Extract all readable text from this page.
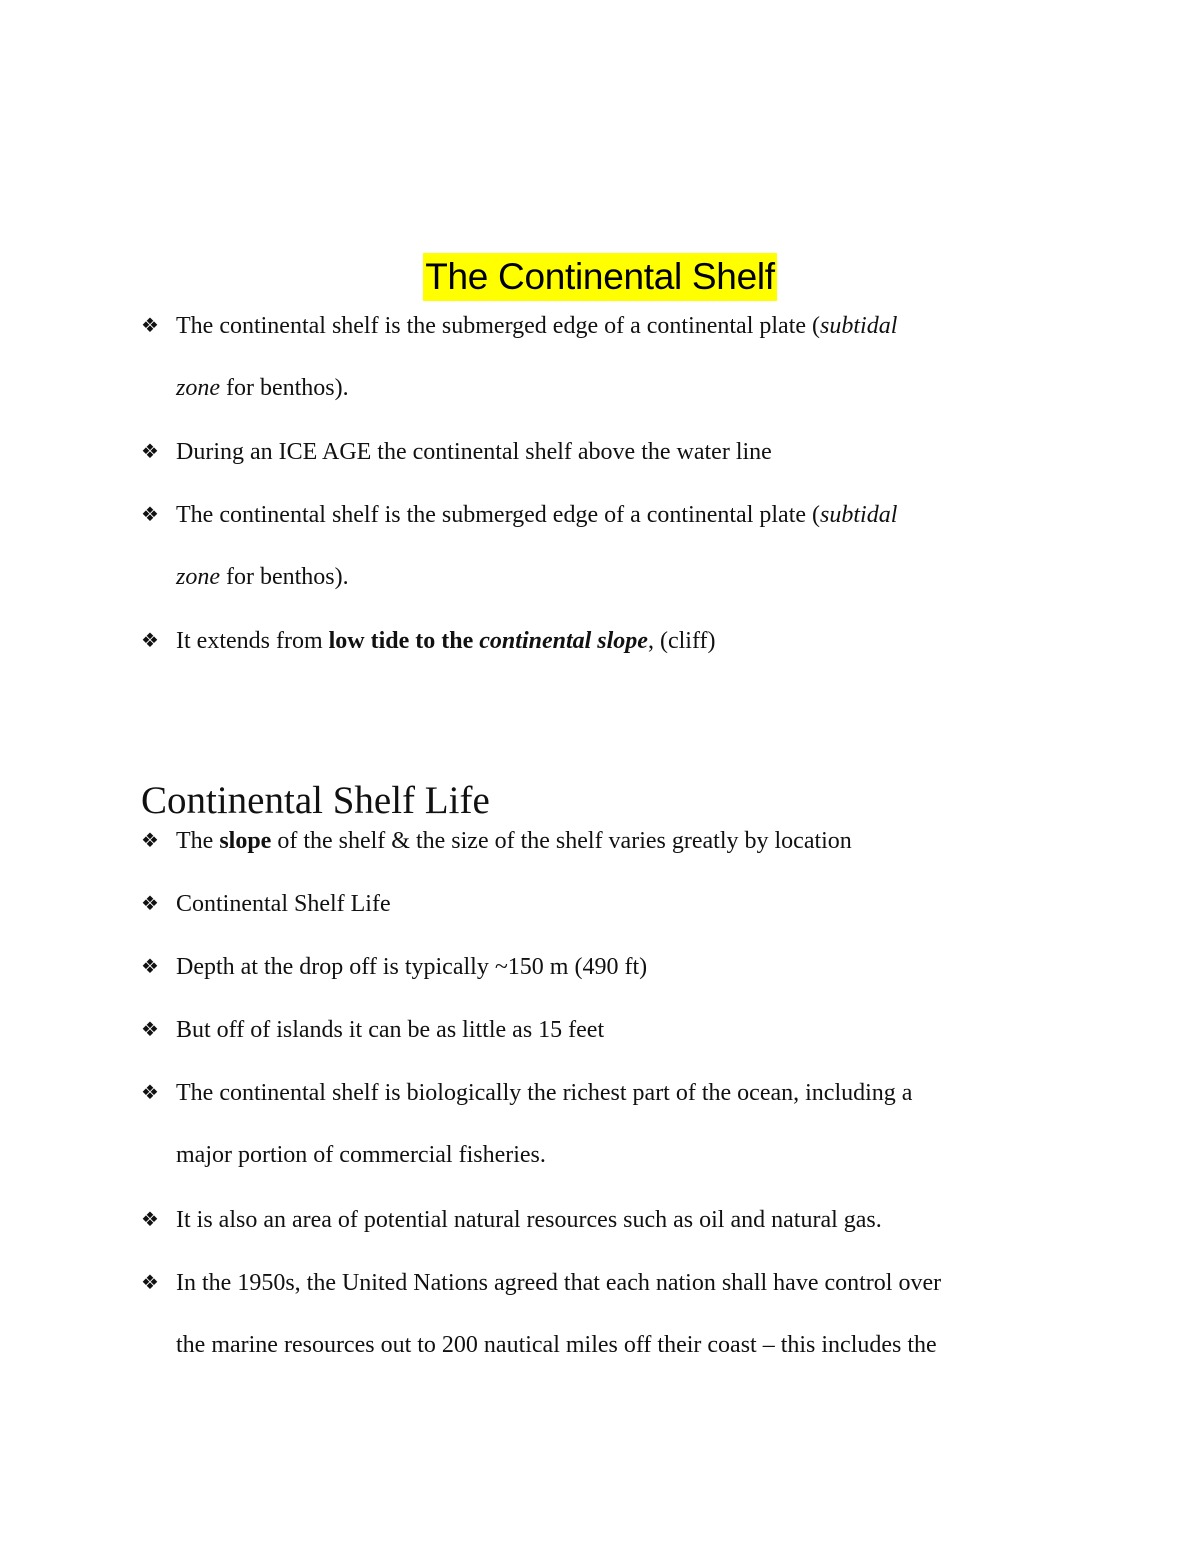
The Continental Shelf
❖ The continental shelf is the submerged edge of a continental plate (subtidal
zone for benthos).
❖ During an ICE AGE the continental shelf above the water line
❖ The continental shelf is the submerged edge of a continental plate (subtidal
zone for benthos).
❖ It extends from low tide to the continental slope, (cliff)
Continental Shelf Life
❖ The slope of the shelf & the size of the shelf varies greatly by location
❖ Continental Shelf Life
❖ Depth at the drop off is typically ~150 m (490 ft)
❖ But off of islands it can be as little as 15 feet
❖ The continental shelf is biologically the richest part of the ocean, including a
major portion of commercial fisheries.
❖ It is also an area of potential natural resources such as oil and natural gas.
❖ In the 1950s, the United Nations agreed that each nation shall have control over
the marine resources out to 200 nautical miles off their coast – this includes the
